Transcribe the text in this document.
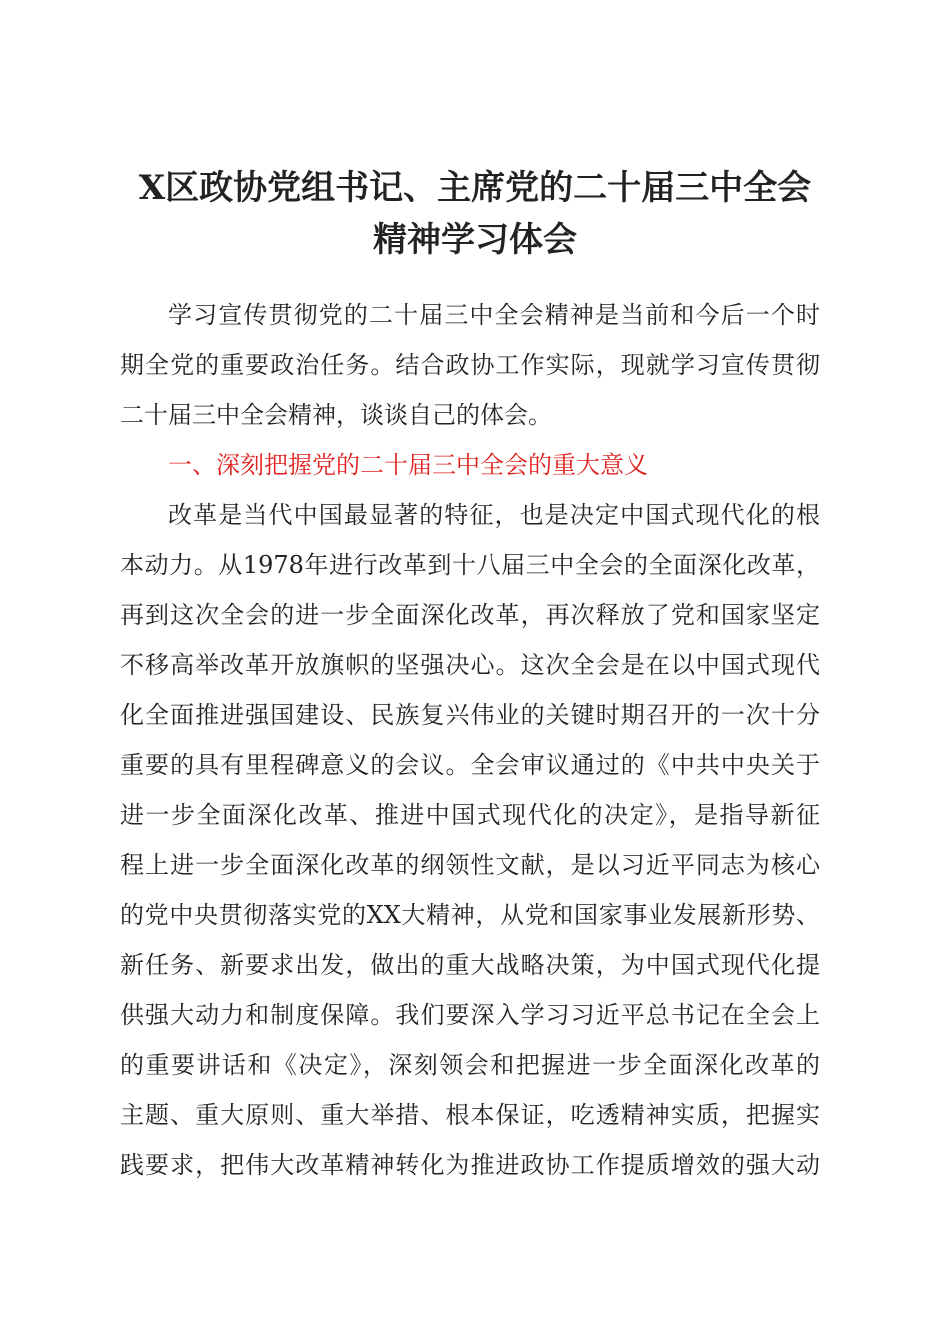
X区政协党组书记、主席党的二十届三中全会
精神学习体会
学习宣传贯彻党的二十届三中全会精神是当前和今后一个时
期全党的重要政治任务。结合政协工作实际，现就学习宣传贯彻
二十届三中全会精神，谈谈自己的体会。
一、深刻把握党的二十届三中全会的重大意义
改革是当代中国最显著的特征，也是决定中国式现代化的根
本动力。从1978年进行改革到十八届三中全会的全面深化改革，
再到这次全会的进一步全面深化改革，再次释放了党和国家坚定
不移高举改革开放旗帜的坚强决心。这次全会是在以中国式现代
化全面推进强国建设、民族复兴伟业的关键时期召开的一次十分
重要的具有里程碑意义的会议。全会审议通过的《中共中央关于
进一步全面深化改革、推进中国式现代化的决定》，是指导新征
程上进一步全面深化改革的纲领性文献，是以习近平同志为核心
的党中央贯彻落实党的XX大精神，从党和国家事业发展新形势、
新任务、新要求出发，做出的重大战略决策，为中国式现代化提
供强大动力和制度保障。我们要深入学习习近平总书记在全会上
的重要讲话和《决定》，深刻领会和把握进一步全面深化改革的
主题、重大原则、重大举措、根本保证，吃透精神实质，把握实
践要求，把伟大改革精神转化为推进政协工作提质增效的强大动
